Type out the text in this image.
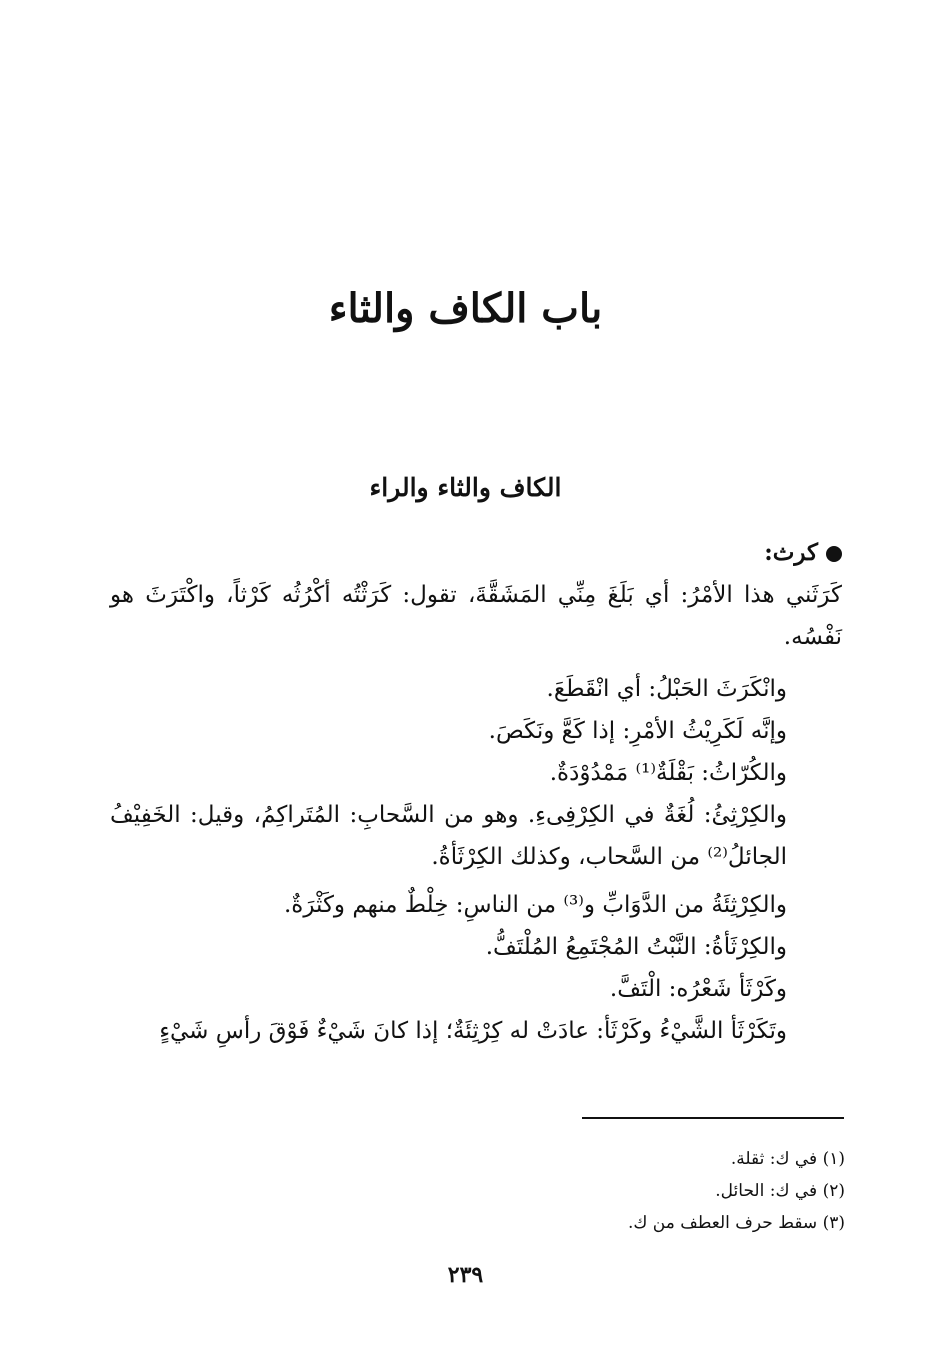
باب الكاف والثاء
الكاف والثاء والراء

كرث:

كَرَثَني هذا الأمْرُ: أي بَلَغَ مِنِّي المَشَقَّةَ، تقول: كَرَثْتُه أكْرُثُه كَرْثاً، واكْتَرَثَ هو نَفْسُه.

وانْكَرَثَ الحَبْلُ: أي انْقَطَعَ.

وإنَّه لَكَرِيْثُ الأمْرِ: إذا كَعَّ ونَكَصَ.

والكُرّاثُ: بَقْلَةٌ⁽¹⁾ مَمْدُوْدَةٌ.

والكِرْثِئُ: لُغَةٌ في الكِرْفِىءِ. وهو من السَّحابِ: المُتَراكِمُ، وقيل: الخَفِيْفُ الجائلُ⁽²⁾ من السَّحاب، وكذلك الكِرْثَأةُ.

والكِرْثِئَةُ من الدَّوَابِّ و⁽³⁾ من الناسِ: خِلْطٌ منهم وكَثْرَةٌ.

والكِرْثَأةُ: النَّبْتُ المُجْتَمِعُ المُلْتَفُّ.

وكَرْثَأ شَعْرُه: الْتَفَّ.

وتَكَرْثَأ الشَّيْءُ وكَرْثَأ: عادَتْ له كِرْثِئَةٌ؛ إذا كانَ شَيْءٌ فَوْقَ رأسِ شَيْءٍ

(١) في ك: ثقلة.

(٢) في ك: الحائل.

(٣) سقط حرف العطف من ك.

٢٣٩
